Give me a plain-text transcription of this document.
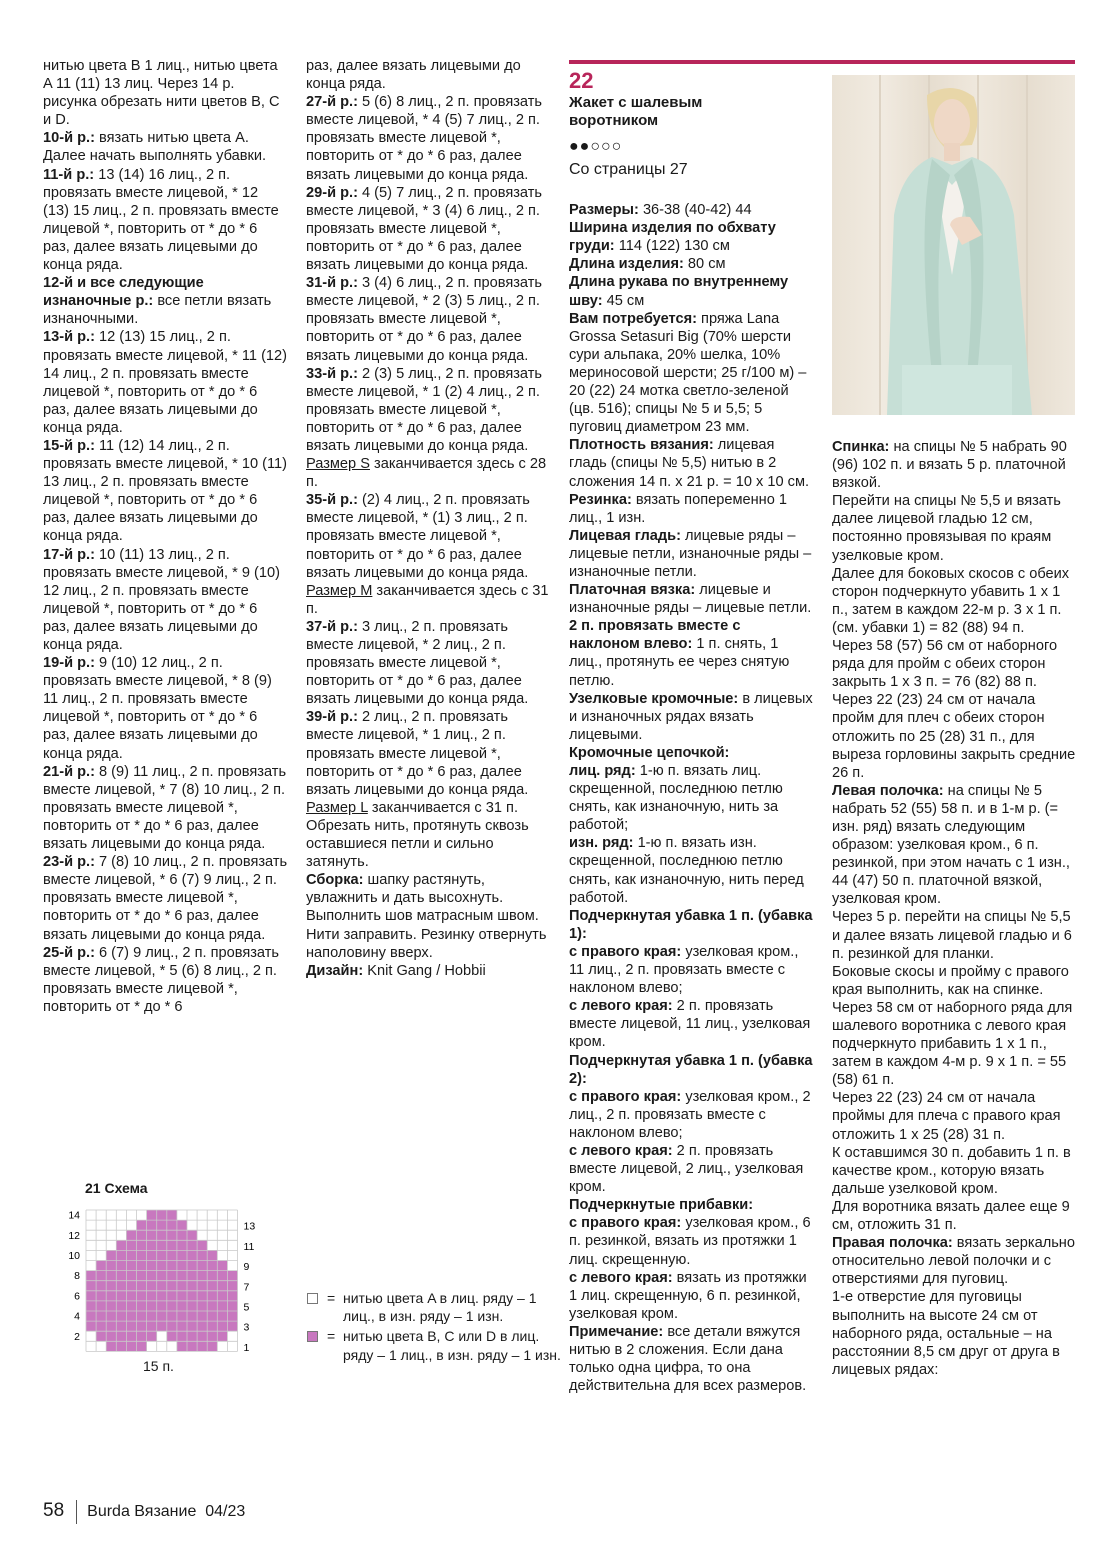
нитью цвета B 1 лиц., нитью цвета A 11 (11) 13 лиц. Через 14 р. рисунка обрезать нити цветов B, C и D.

10-й р.: вязать нитью цвета A. Далее начать выполнять убавки.

11-й р.: 13 (14) 16 лиц., 2 п. провязать вместе лицевой, * 12 (13) 15 лиц., 2 п. провязать вместе лицевой *, повторить от * до * 6 раз, далее вязать лицевыми до конца ряда.

12-й и все следующие изнаночные р.: все петли вязать изнаночными.

13-й р.: 12 (13) 15 лиц., 2 п. провязать вместе лицевой, * 11 (12) 14 лиц., 2 п. провязать вместе лицевой *, повторить от * до * 6 раз, далее вязать лицевыми до конца ряда.

15-й р.: 11 (12) 14 лиц., 2 п. провязать вместе лицевой, * 10 (11) 13 лиц., 2 п. провязать вместе лицевой *, повторить от * до * 6 раз, далее вязать лицевыми до конца ряда.

17-й р.: 10 (11) 13 лиц., 2 п. провязать вместе лицевой, * 9 (10) 12 лиц., 2 п. провязать вместе лицевой *, повторить от * до * 6 раз, далее вязать лицевыми до конца ряда.

19-й р.: 9 (10) 12 лиц., 2 п. провязать вместе лицевой, * 8 (9) 11 лиц., 2 п. провязать вместе лицевой *, повторить от * до * 6 раз, далее вязать лицевыми до конца ряда.

21-й р.: 8 (9) 11 лиц., 2 п. провязать вместе лицевой, * 7 (8) 10 лиц., 2 п. провязать вместе лицевой *, повторить от * до * 6 раз, далее вязать лицевыми до конца ряда.

23-й р.: 7 (8) 10 лиц., 2 п. провязать вместе лицевой, * 6 (7) 9 лиц., 2 п. провязать вместе лицевой *, повторить от * до * 6 раз, далее вязать лицевыми до конца ряда.

25-й р.: 6 (7) 9 лиц., 2 п. провязать вместе лицевой, * 5 (6) 8 лиц., 2 п. провязать вместе лицевой *, повторить от * до * 6

раз, далее вязать лицевыми до конца ряда.

27-й р.: 5 (6) 8 лиц., 2 п. провязать вместе лицевой, * 4 (5) 7 лиц., 2 п. провязать вместе лицевой *, повторить от * до * 6 раз, далее вязать лицевыми до конца ряда.

29-й р.: 4 (5) 7 лиц., 2 п. провязать вместе лицевой, * 3 (4) 6 лиц., 2 п. провязать вместе лицевой *, повторить от * до * 6 раз, далее вязать лицевыми до конца ряда.

31-й р.: 3 (4) 6 лиц., 2 п. провязать вместе лицевой, * 2 (3) 5 лиц., 2 п. провязать вместе лицевой *, повторить от * до * 6 раз, далее вязать лицевыми до конца ряда.

33-й р.: 2 (3) 5 лиц., 2 п. провязать вместе лицевой, * 1 (2) 4 лиц., 2 п. провязать вместе лицевой *, повторить от * до * 6 раз, далее вязать лицевыми до конца ряда. Размер S заканчивается здесь с 28 п.

35-й р.: (2) 4 лиц., 2 п. провязать вместе лицевой, * (1) 3 лиц., 2 п. провязать вместе лицевой *, повторить от * до * 6 раз, далее вязать лицевыми до конца ряда. Размер M заканчивается здесь с 31 п.

37-й р.: 3 лиц., 2 п. провязать вместе лицевой, * 2 лиц., 2 п. провязать вместе лицевой *, повторить от * до * 6 раз, далее вязать лицевыми до конца ряда.

39-й р.: 2 лиц., 2 п. провязать вместе лицевой, * 1 лиц., 2 п. провязать вместе лицевой *, повторить от * до * 6 раз, далее вязать лицевыми до конца ряда.

Размер L заканчивается с 31 п. Обрезать нить, протянуть сквозь оставшиеся петли и сильно затянуть.

Сборка: шапку растянуть, увлажнить и дать высохнуть. Выполнить шов матрасным швом.

Нити заправить. Резинку отвернуть наполовину вверх.

Дизайн: Knit Gang / Hobbii

22

Жакет с шалевым воротником

●●○○○

Со страницы 27

Размеры: 36-38 (40-42) 44

Ширина изделия по обхвату груди: 114 (122) 130 см

Длина изделия: 80 см

Длина рукава по внутреннему шву: 45 см

Вам потребуется: пряжа Lana Grossa Setasuri Big (70% шерсти сури альпака, 20% шелка, 10% мериносовой шерсти; 25 г/100 м) – 20 (22) 24 мотка светло-зеленой (цв. 516); спицы № 5 и 5,5; 5 пуговиц диаметром 23 мм.

Плотность вязания: лицевая гладь (спицы № 5,5) нитью в 2 сложения 14 п. x 21 р. = 10 x 10 см.

Резинка: вязать попеременно 1 лиц., 1 изн.

Лицевая гладь: лицевые ряды – лицевые петли, изнаночные ряды – изнаночные петли.

Платочная вязка: лицевые и изнаночные ряды – лицевые петли.

2 п. провязать вместе с наклоном влево: 1 п. снять, 1 лиц., протянуть ее через снятую петлю.

Узелковые кромочные: в лицевых и изнаночных рядах вязать лицевыми.

Кромочные цепочкой:

лиц. ряд: 1-ю п. вязать лиц. скрещенной, последнюю петлю снять, как изнаночную, нить за работой;

изн. ряд: 1-ю п. вязать изн. скрещенной, последнюю петлю снять, как изнаночную, нить перед работой.

Подчеркнутая убавка 1 п. (убавка 1):

с правого края: узелковая кром., 11 лиц., 2 п. провязать вместе с наклоном влево;

с левого края: 2 п. провязать вместе лицевой, 11 лиц., узелковая кром.

Подчеркнутая убавка 1 п. (убавка 2):

с правого края: узелковая кром., 2 лиц., 2 п. провязать вместе с наклоном влево;

с левого края: 2 п. провязать вместе лицевой, 2 лиц., узелковая кром.

Подчеркнутые прибавки:

с правого края: узелковая кром., 6 п. резинкой, вязать из протяжки 1 лиц. скрещенную.

с левого края: вязать из протяжки 1 лиц. скрещенную, 6 п. резинкой, узелковая кром.

Примечание: все детали вяжутся нитью в 2 сложения. Если дана только одна цифра, то она действительна для всех размеров.

Спинка: на спицы № 5 набрать 90 (96) 102 п. и вязать 5 р. платочной вязкой.

Перейти на спицы № 5,5 и вязать далее лицевой гладью 12 см, постоянно провязывая по краям узелковые кром.

Далее для боковых скосов с обеих сторон подчеркнуто убавить 1 x 1 п., затем в каждом 22-м р. 3 x 1 п. (см. убавки 1) = 82 (88) 94 п.

Через 58 (57) 56 см от наборного ряда для пройм с обеих сторон закрыть 1 x 3 п. = 76 (82) 88 п.

Через 22 (23) 24 см от начала пройм для плеч с обеих сторон отложить по 25 (28) 31 п., для выреза горловины закрыть средние 26 п.

Левая полочка: на спицы № 5 набрать 52 (55) 58 п. и в 1-м р. (= изн. ряд) вязать следующим образом: узелковая кром., 6 п. резинкой, при этом начать с 1 изн., 44 (47) 50 п. платочной вязкой, узелковая кром.

Через 5 р. перейти на спицы № 5,5 и далее вязать лицевой гладью и 6 п. резинкой для планки.

Боковые скосы и пройму с правого края выполнить, как на спинке.

Через 58 см от наборного ряда для шалевого воротника с левого края подчеркнуто прибавить 1 x 1 п., затем в каждом 4-м р. 9 x 1 п. = 55 (58) 61 п.

Через 22 (23) 24 см от начала проймы для плеча с правого края отложить 1 x 25 (28) 31 п.

К оставшимся 30 п. добавить 1 п. в качестве кром., которую вязать дальше узелковой кром.

Для воротника вязать далее еще 9 см, отложить 31 п.

Правая полочка: вязать зеркально относительно левой полочки и с отверстиями для пуговиц.

1-е отверстие для пуговицы выполнить на высоте 24 см от наборного ряда, остальные – на расстоянии 8,5 см друг от друга в лицевых рядах:

21 Схема
14
12
10
8
6
4
2
13
11
9
7
5
3
1
15 п.
= нитью цвета A в лиц. ряду – 1 лиц., в изн. ряду – 1 изн.
= нитью цвета B, C или D в лиц. ряду – 1 лиц., в изн. ряду – 1 изн.
58 Burda Вязание 04/23
